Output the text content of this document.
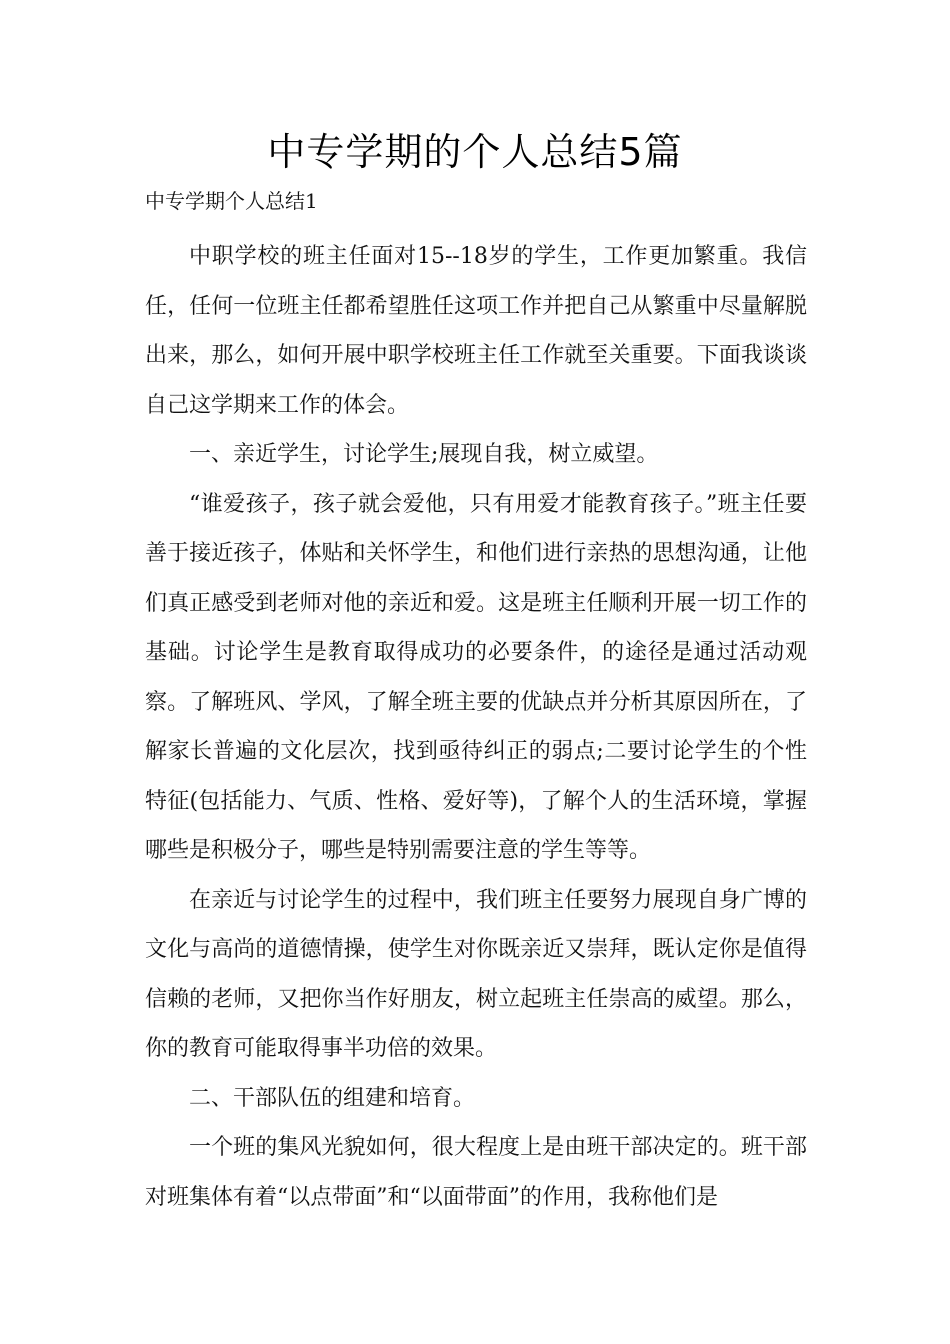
中专学期的个人总结5篇
中专学期个人总结1

中职学校的班主任面对15--18岁的学生，工作更加繁重。我信任，任何一位班主任都希望胜任这项工作并把自己从繁重中尽量解脱出来，那么，如何开展中职学校班主任工作就至关重要。下面我谈谈自己这学期来工作的体会。

一、亲近学生，讨论学生;展现自我，树立威望。

“谁爱孩子，孩子就会爱他，只有用爱才能教育孩子。”班主任要善于接近孩子，体贴和关怀学生，和他们进行亲热的思想沟通，让他们真正感受到老师对他的亲近和爱。这是班主任顺利开展一切工作的基础。讨论学生是教育取得成功的必要条件，的途径是通过活动观察。了解班风、学风，了解全班主要的优缺点并分析其原因所在，了解家长普遍的文化层次，找到亟待纠正的弱点;二要讨论学生的个性特征(包括能力、气质、性格、爱好等)，了解个人的生活环境，掌握哪些是积极分子，哪些是特别需要注意的学生等等。

在亲近与讨论学生的过程中，我们班主任要努力展现自身广博的文化与高尚的道德情操，使学生对你既亲近又崇拜，既认定你是值得信赖的老师，又把你当作好朋友，树立起班主任崇高的威望。那么，你的教育可能取得事半功倍的效果。

二、干部队伍的组建和培育。

一个班的集风光貌如何，很大程度上是由班干部决定的。班干部对班集体有着“以点带面”和“以面带面”的作用，我称他们是
